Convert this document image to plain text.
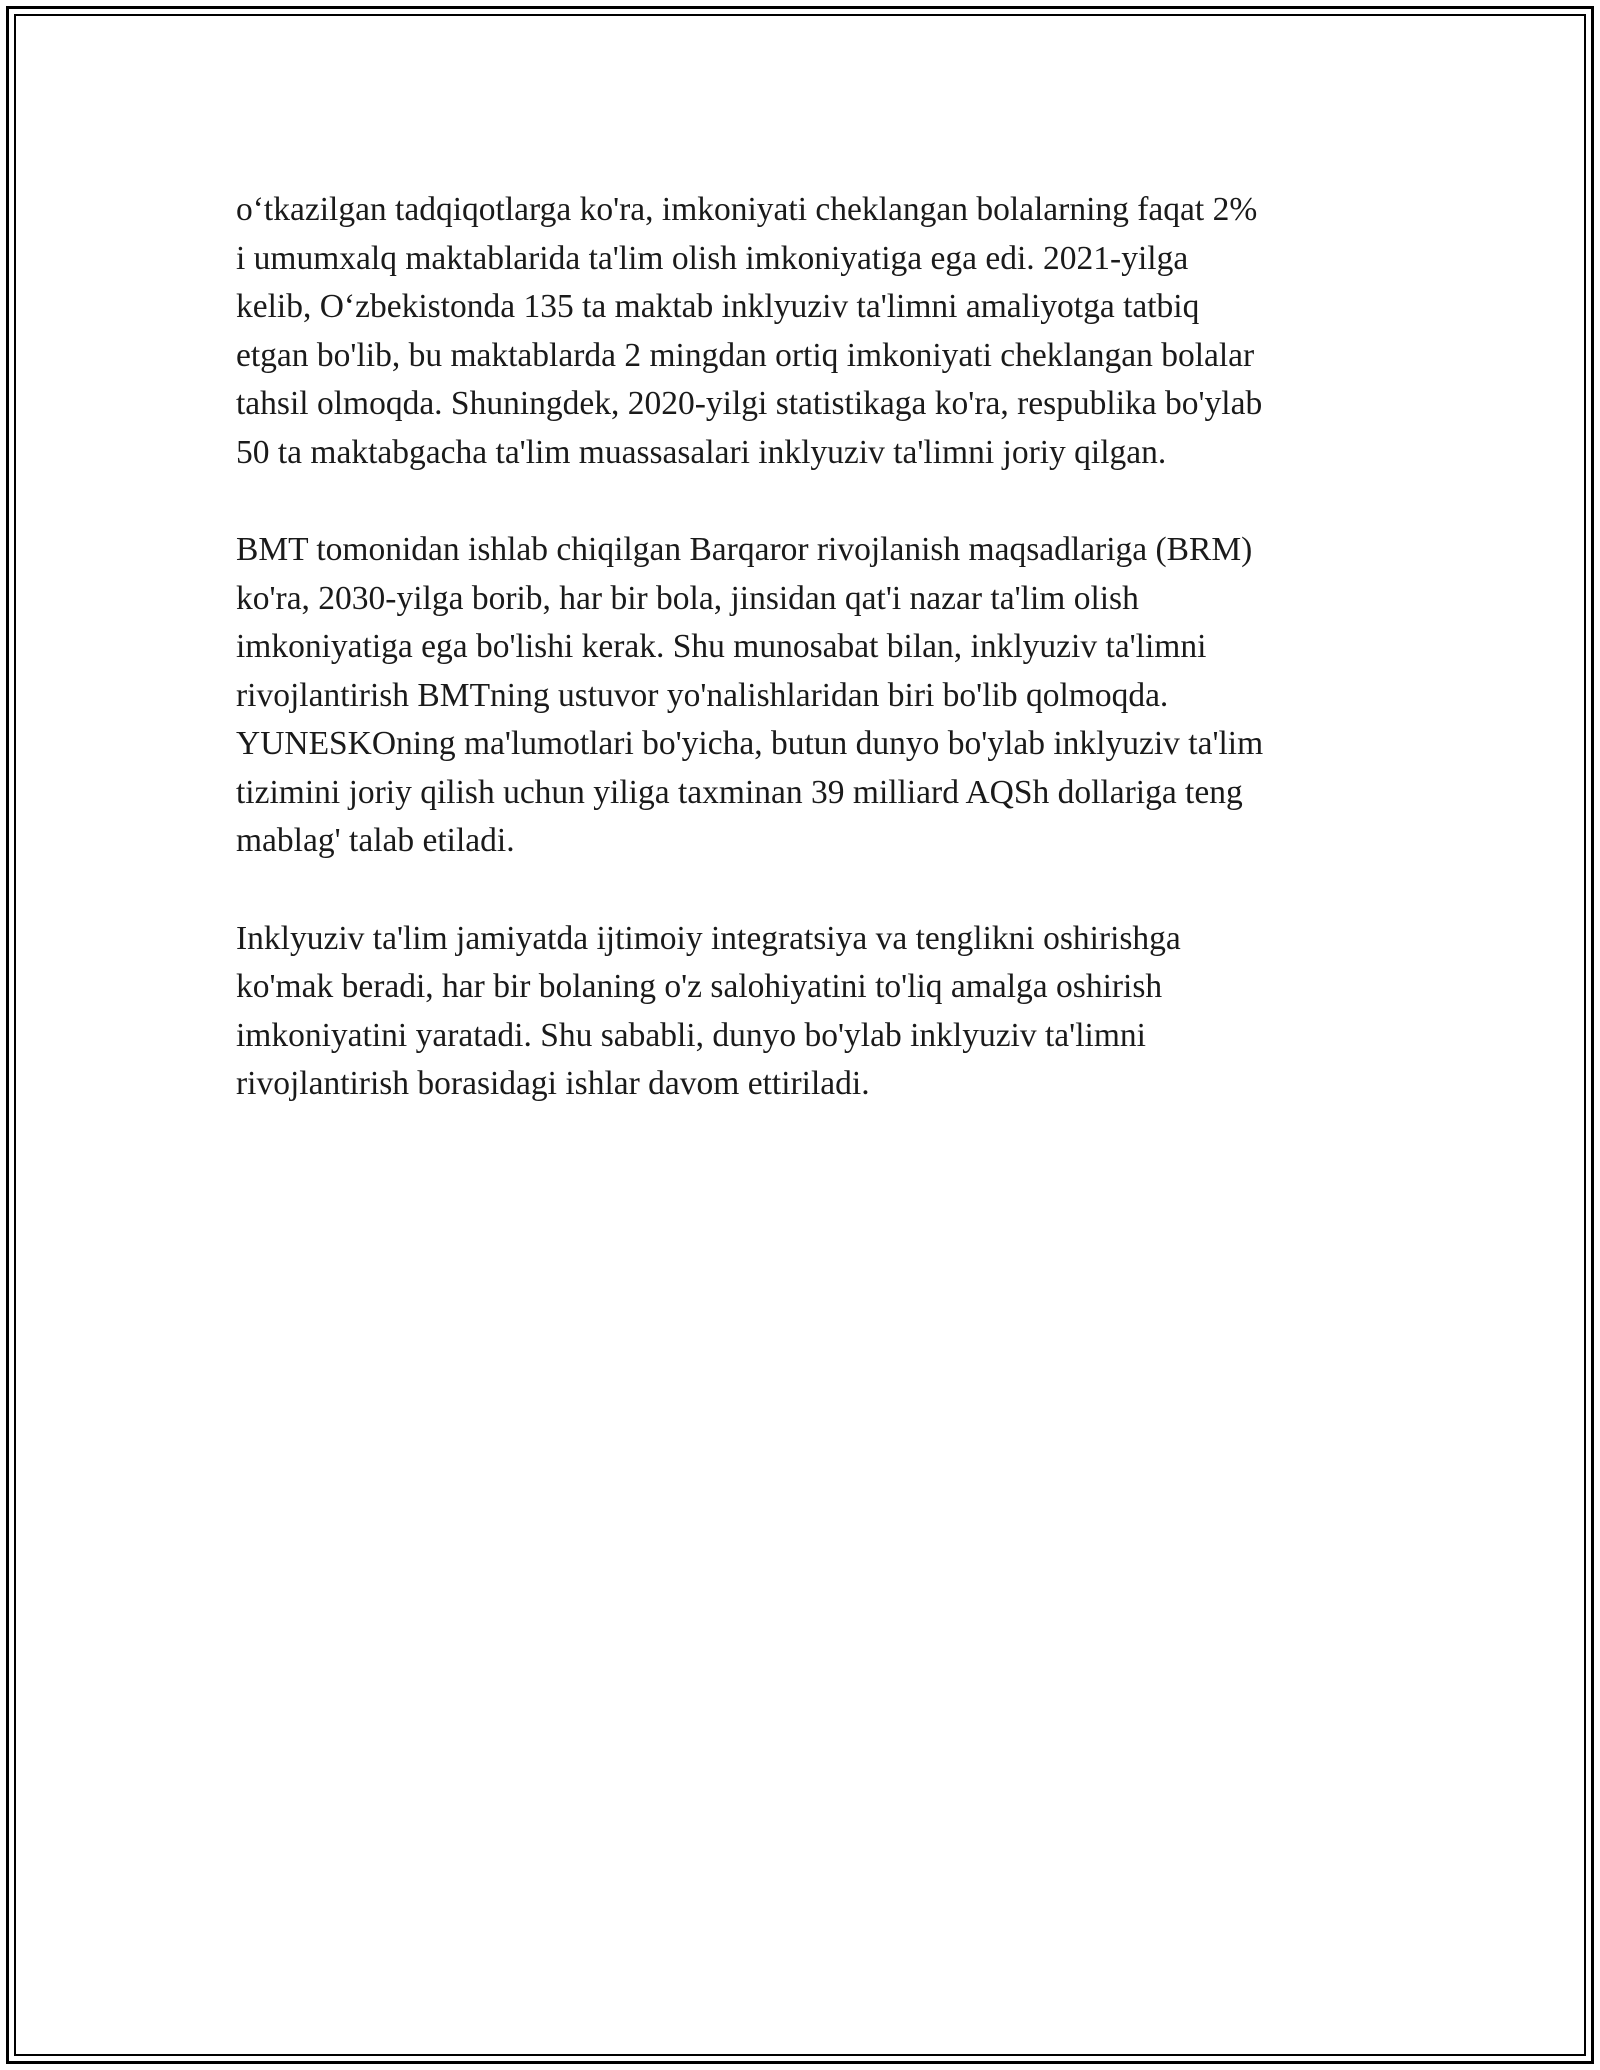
o‘tkazilgan tadqiqotlarga ko'ra, imkoniyati cheklangan bolalarning faqat 2%
i umumxalq maktablarida ta'lim olish imkoniyatiga ega edi. 2021-yilga
kelib, O‘zbekistonda 135 ta maktab inklyuziv ta'limni amaliyotga tatbiq
etgan bo'lib, bu maktablarda 2 mingdan ortiq imkoniyati cheklangan bolalar
tahsil olmoqda. Shuningdek, 2020-yilgi statistikaga ko'ra, respublika bo'ylab
50 ta maktabgacha ta'lim muassasalari inklyuziv ta'limni joriy qilgan.

BMT tomonidan ishlab chiqilgan Barqaror rivojlanish maqsadlariga (BRM)
ko'ra, 2030-yilga borib, har bir bola, jinsidan qat'i nazar ta'lim olish
imkoniyatiga ega bo'lishi kerak. Shu munosabat bilan, inklyuziv ta'limni
rivojlantirish BMTning ustuvor yo'nalishlaridan biri bo'lib qolmoqda.
YUNESKOning ma'lumotlari bo'yicha, butun dunyo bo'ylab inklyuziv ta'lim
tizimini joriy qilish uchun yiliga taxminan 39 milliard AQSh dollariga teng
mablag' talab etiladi.

Inklyuziv ta'lim jamiyatda ijtimoiy integratsiya va tenglikni oshirishga
ko'mak beradi, har bir bolaning o'z salohiyatini to'liq amalga oshirish
imkoniyatini yaratadi. Shu sababli, dunyo bo'ylab inklyuziv ta'limni
rivojlantirish borasidagi ishlar davom ettiriladi.
